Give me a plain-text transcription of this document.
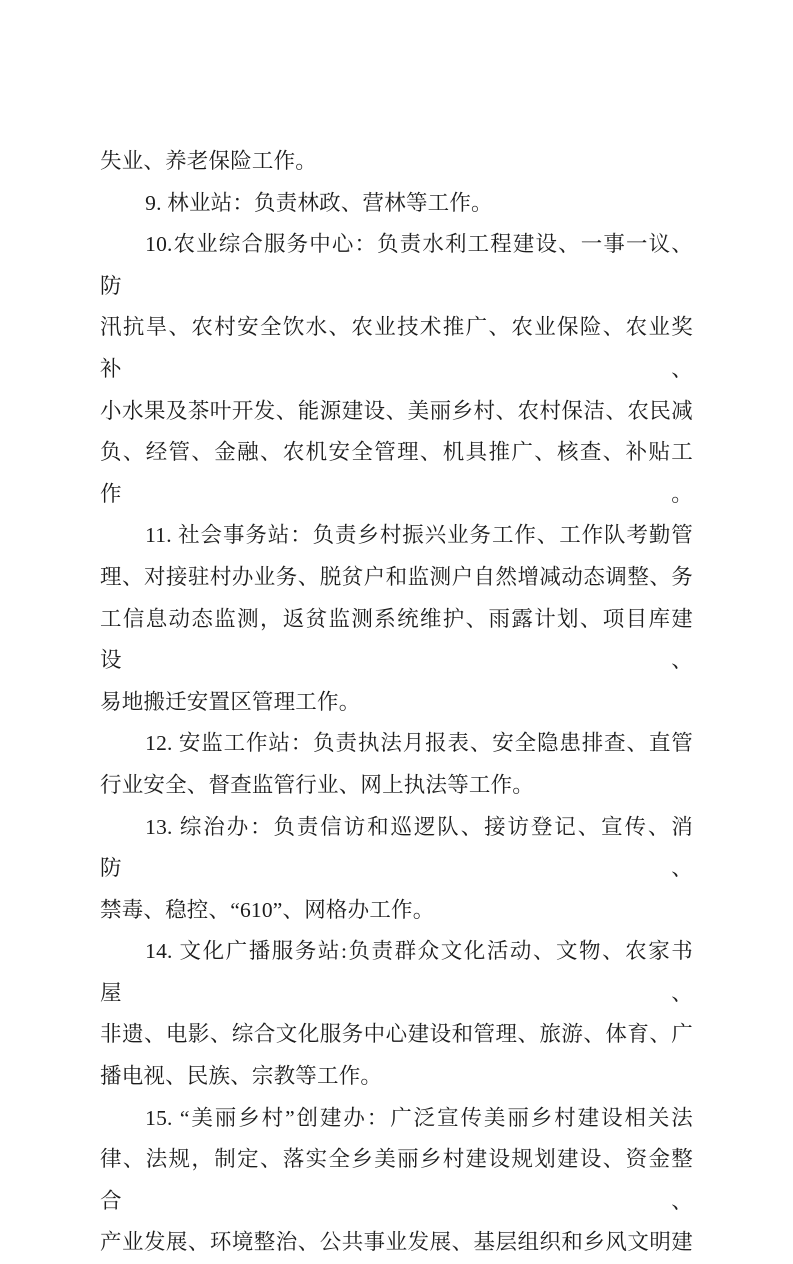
失业、养老保险工作。
9. 林业站：负责林政、营林等工作。
10.农业综合服务中心：负责水利工程建设、一事一议、防
汛抗旱、农村安全饮水、农业技术推广、农业保险、农业奖补、
小水果及茶叶开发、能源建设、美丽乡村、农村保洁、农民减
负、经管、金融、农机安全管理、机具推广、核查、补贴工作。
11. 社会事务站：负责乡村振兴业务工作、工作队考勤管
理、对接驻村办业务、脱贫户和监测户自然增减动态调整、务
工信息动态监测，返贫监测系统维护、雨露计划、项目库建设、
易地搬迁安置区管理工作。
12. 安监工作站：负责执法月报表、安全隐患排查、直管
行业安全、督查监管行业、网上执法等工作。
13. 综治办：负责信访和巡逻队、接访登记、宣传、消防、
禁毒、稳控、“610”、网格办工作。
14. 文化广播服务站:负责群众文化活动、文物、农家书屋、
非遗、电影、综合文化服务中心建设和管理、旅游、体育、广
播电视、民族、宗教等工作。
15. “美丽乡村”创建办：广泛宣传美丽乡村建设相关法
律、法规，制定、落实全乡美丽乡村建设规划建设、资金整合、
产业发展、环境整治、公共事业发展、基层组织和乡风文明建
